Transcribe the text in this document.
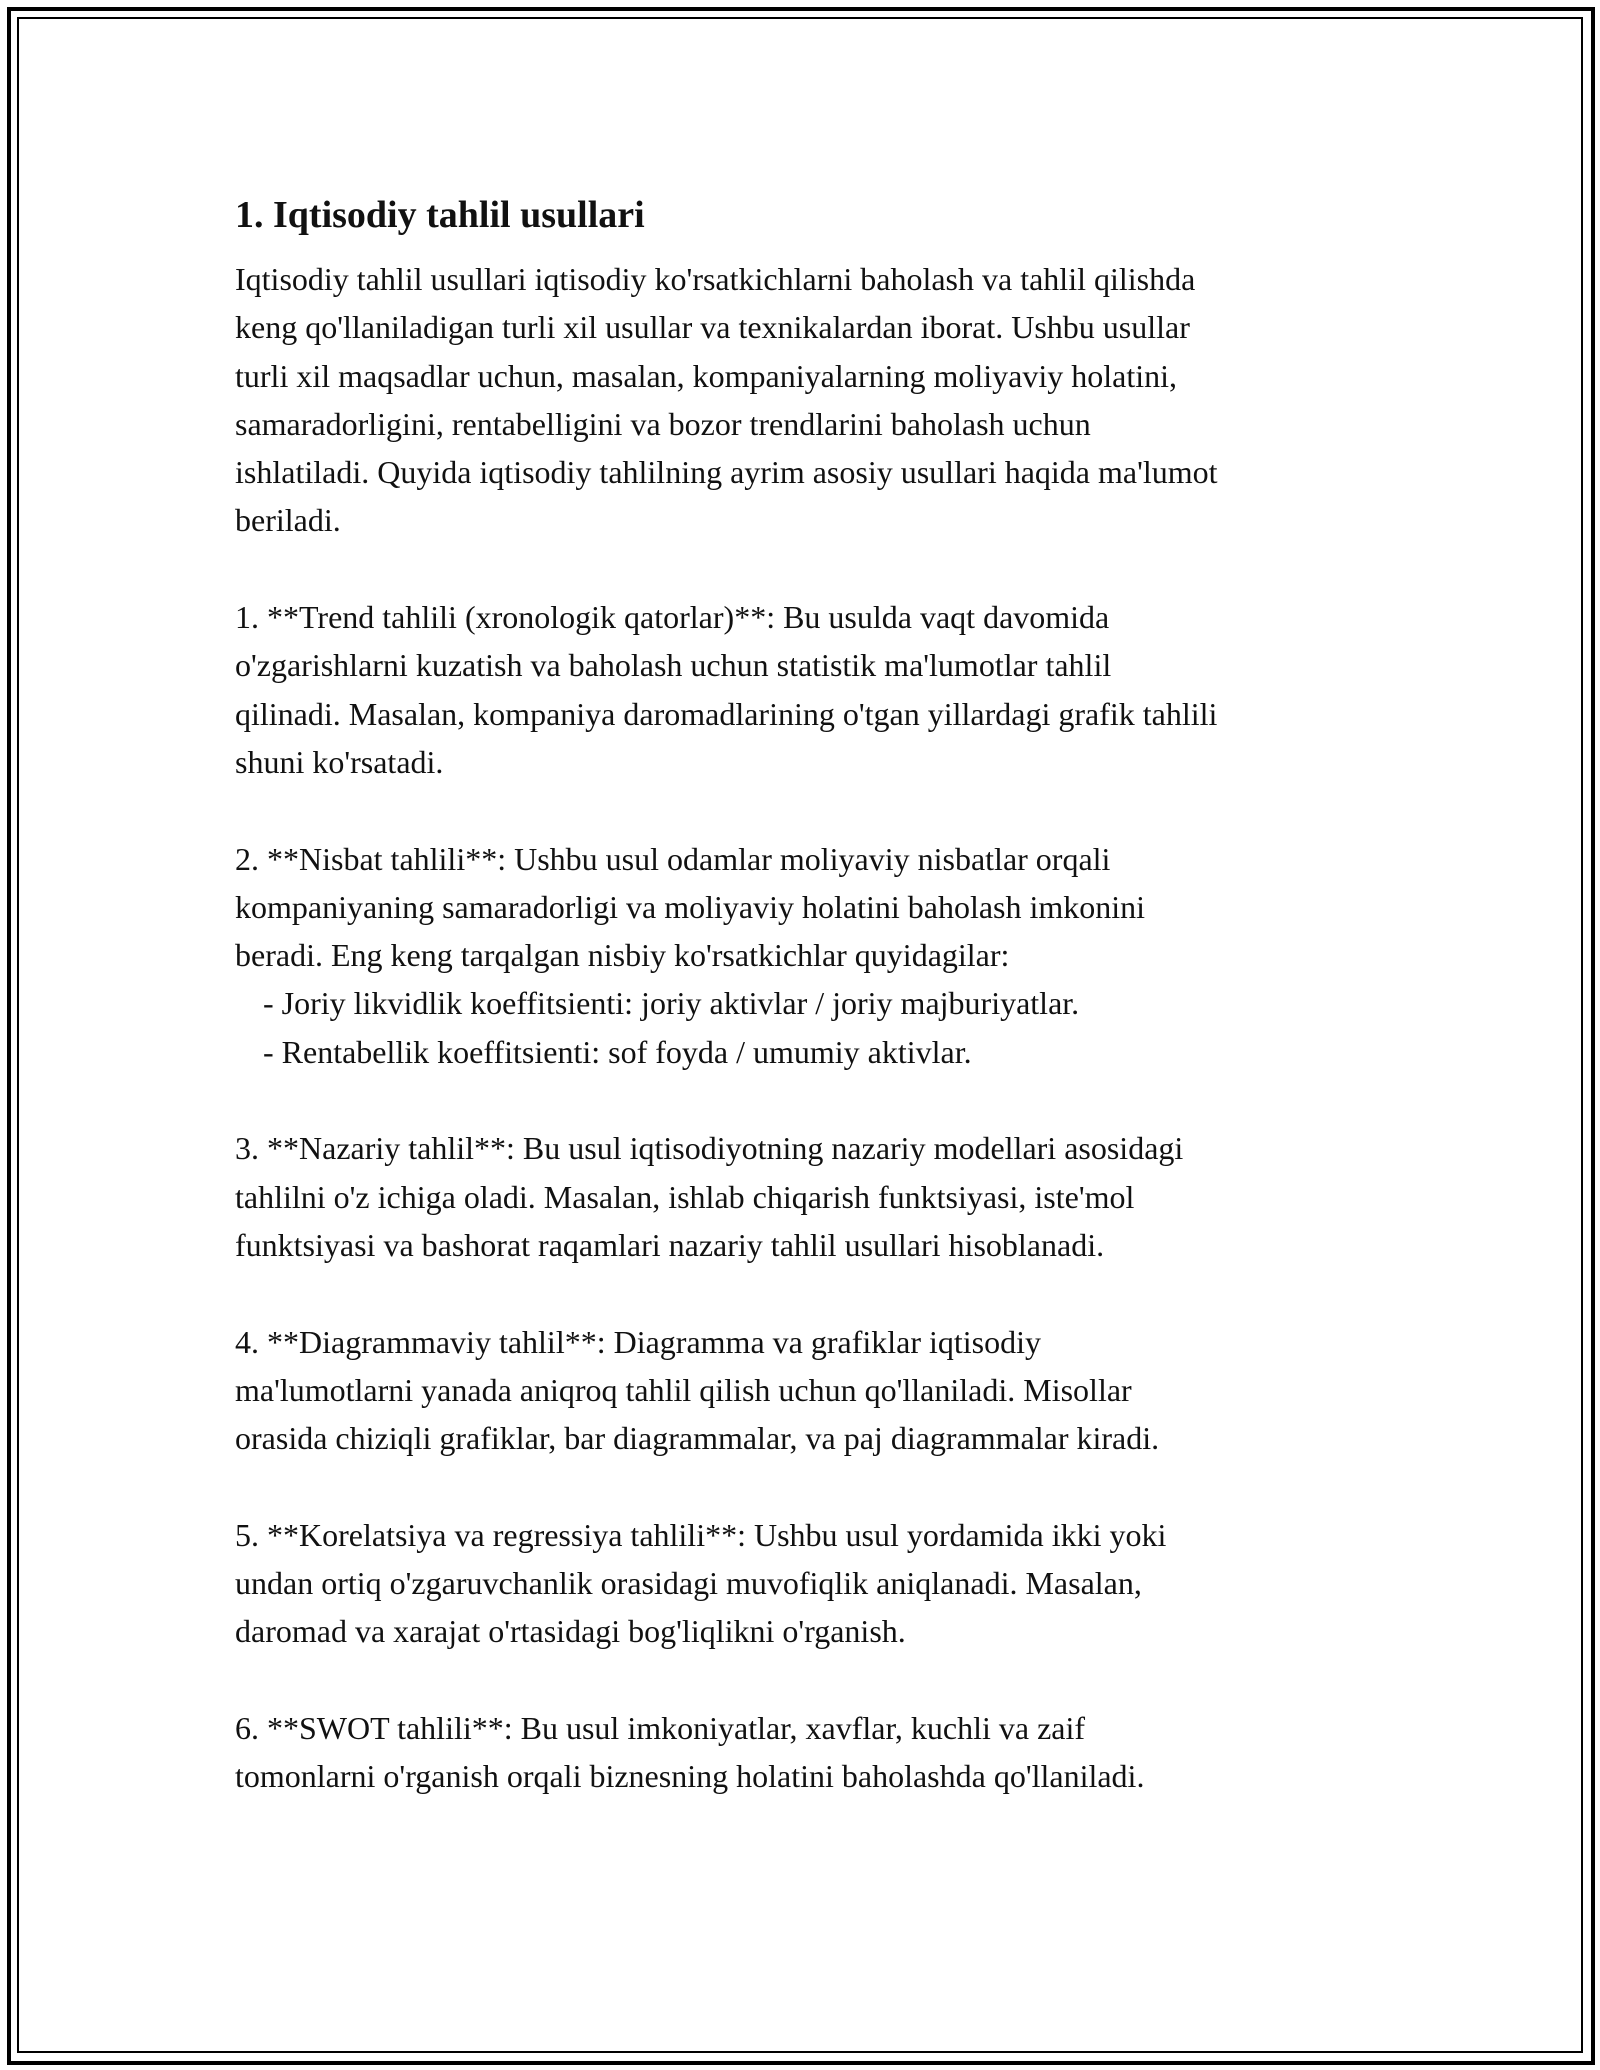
1. Iqtisodiy tahlil usullari

Iqtisodiy tahlil usullari iqtisodiy ko'rsatkichlarni baholash va tahlil qilishda
keng qo'llaniladigan turli xil usullar va texnikalardan iborat. Ushbu usullar
turli xil maqsadlar uchun, masalan, kompaniyalarning moliyaviy holatini,
samaradorligini, rentabelligini va bozor trendlarini baholash uchun
ishlatiladi. Quyida iqtisodiy tahlilning ayrim asosiy usullari haqida ma'lumot
beriladi.

1. **Trend tahlili (xronologik qatorlar)**: Bu usulda vaqt davomida
o'zgarishlarni kuzatish va baholash uchun statistik ma'lumotlar tahlil
qilinadi. Masalan, kompaniya daromadlarining o'tgan yillardagi grafik tahlili
shuni ko'rsatadi.

2. **Nisbat tahlili**: Ushbu usul odamlar moliyaviy nisbatlar orqali
kompaniyaning samaradorligi va moliyaviy holatini baholash imkonini
beradi. Eng keng tarqalgan nisbiy ko'rsatkichlar quyidagilar:

- Joriy likvidlik koeffitsienti: joriy aktivlar / joriy majburiyatlar.

- Rentabellik koeffitsienti: sof foyda / umumiy aktivlar.

3. **Nazariy tahlil**: Bu usul iqtisodiyotning nazariy modellari asosidagi
tahlilni o'z ichiga oladi. Masalan, ishlab chiqarish funktsiyasi, iste'mol
funktsiyasi va bashorat raqamlari nazariy tahlil usullari hisoblanadi.

4. **Diagrammaviy tahlil**: Diagramma va grafiklar iqtisodiy
ma'lumotlarni yanada aniqroq tahlil qilish uchun qo'llaniladi. Misollar
orasida chiziqli grafiklar, bar diagrammalar, va paj diagrammalar kiradi.

5. **Korelatsiya va regressiya tahlili**: Ushbu usul yordamida ikki yoki
undan ortiq o'zgaruvchanlik orasidagi muvofiqlik aniqlanadi. Masalan,
daromad va xarajat o'rtasidagi bog'liqlikni o'rganish.

6. **SWOT tahlili**: Bu usul imkoniyatlar, xavflar, kuchli va zaif
tomonlarni o'rganish orqali biznesning holatini baholashda qo'llaniladi.
